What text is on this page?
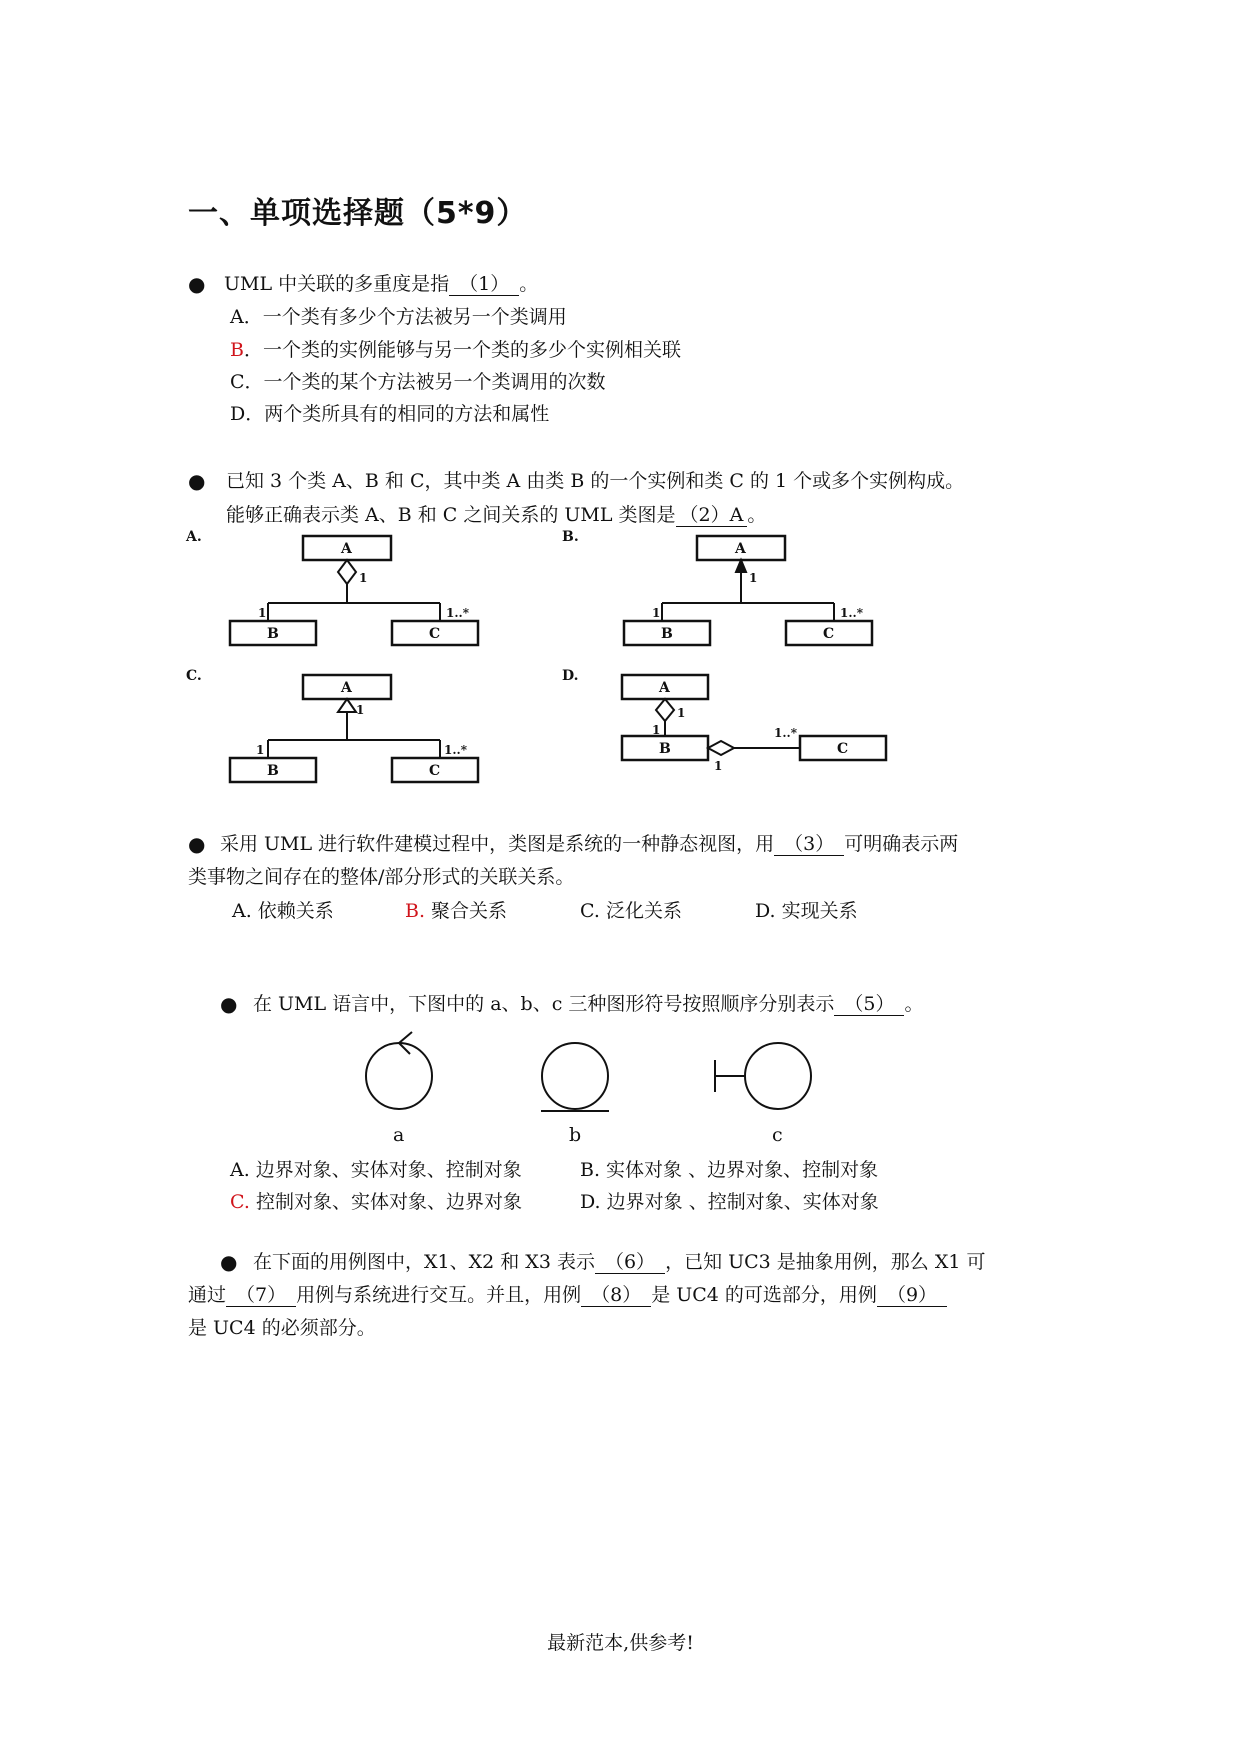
一、单项选择题（5*9）
● UML 中关联的多重度是指 （1） 。
A．一个类有多少个方法被另一个类调用
B．一个类的实例能够与另一个类的多少个实例相关联
C．一个类的某个方法被另一个类调用的次数
D．两个类所具有的相同的方法和属性
● 已知 3 个类 A、B 和 C，其中类 A 由类 B 的一个实例和类 C 的 1 个或多个实例构成。
能够正确表示类 A、B 和 C 之间关系的 UML 类图是 （2）A 。
A.	B.
C.	D.
A
1
1	1..*
B	C
A
1
1	1..*
B	C
A
1
1	1..*
B	C
A
1
1
B
1
1..*
C
● 采用 UML 进行软件建模过程中，类图是系统的一种静态视图，用 （3） 可明确表示两
类事物之间存在的整体/部分形式的关联关系。
A. 依赖关系	B. 聚合关系	C. 泛化关系	D. 实现关系
● 在 UML 语言中，下图中的 a、b、c 三种图形符号按照顺序分别表示 （5） 。
a	b	c
A. 边界对象、实体对象、控制对象	B. 实体对象 、边界对象、控制对象
C. 控制对象、实体对象、边界对象	D. 边界对象 、控制对象、实体对象
● 在下面的用例图中，X1、X2 和 X3 表示 （6） ，已知 UC3 是抽象用例，那么 X1 可
通过 （7） 用例与系统进行交互。并且，用例 （8） 是 UC4 的可选部分，用例 （9）
是 UC4 的必须部分。
最新范本,供参考!
